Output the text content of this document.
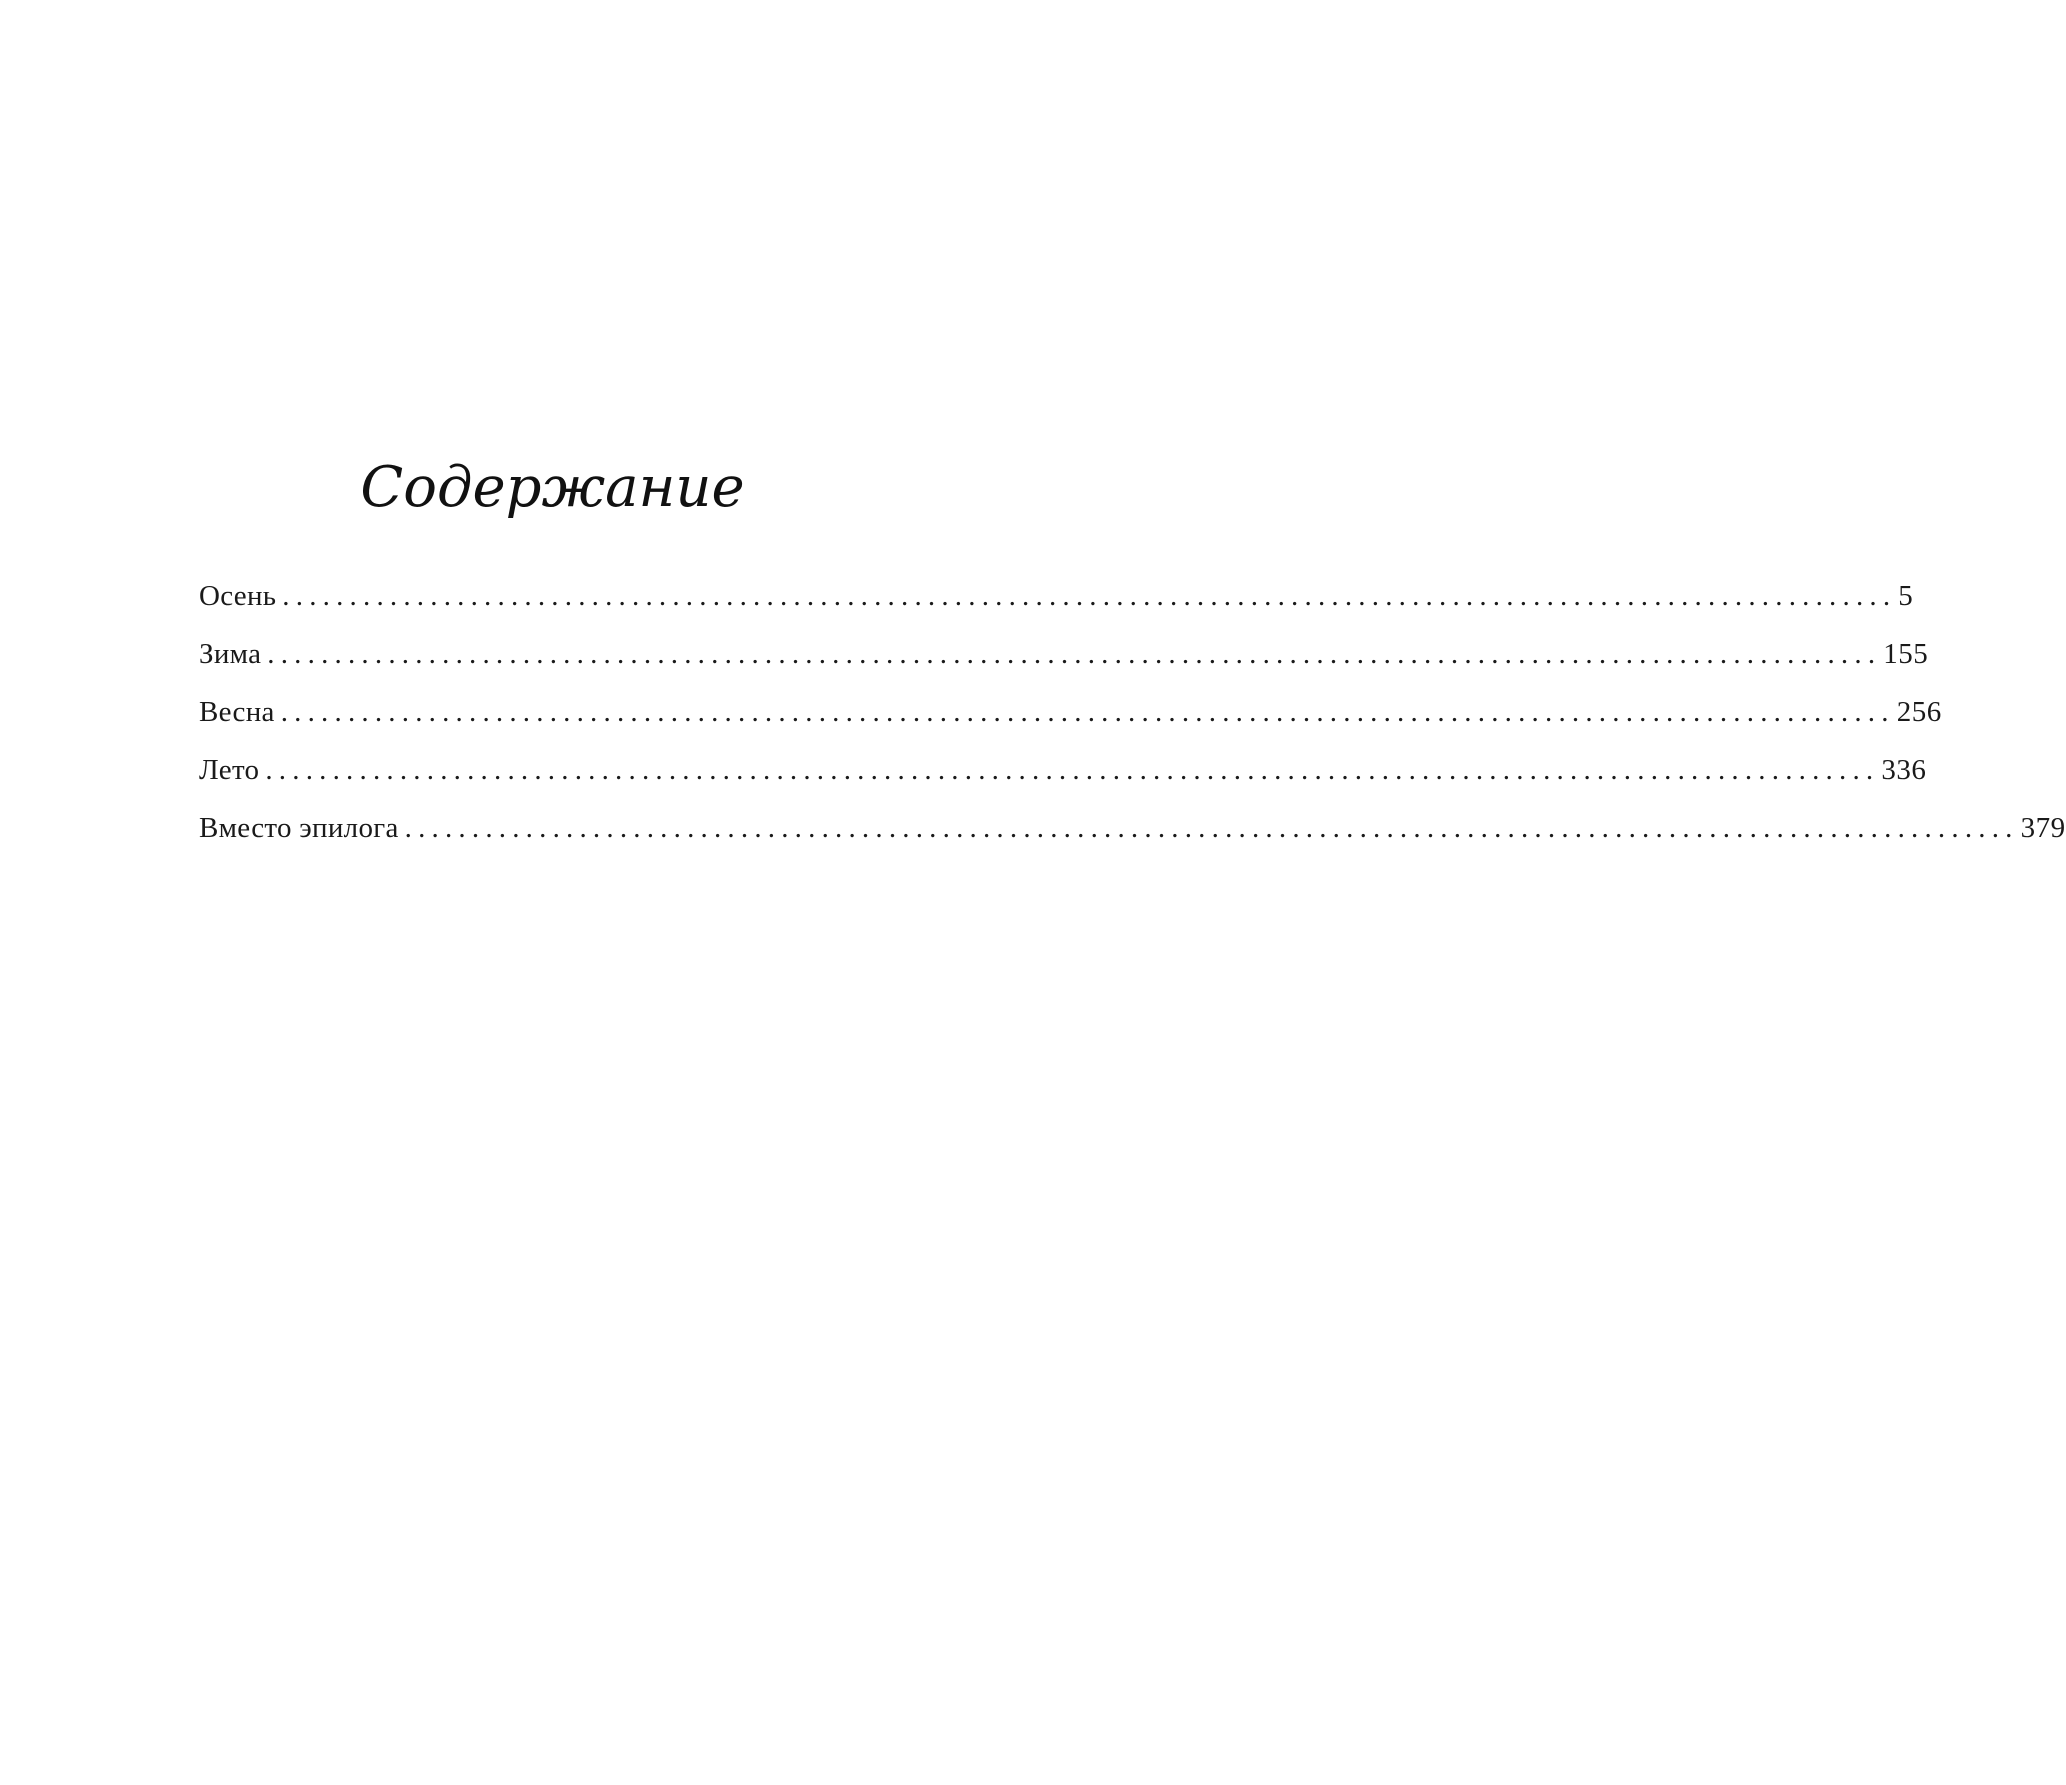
Содержание
Осень ........................................................................................................................ 5
Зима ........................................................................................................................ 155
Весна ........................................................................................................................ 256
Лето ........................................................................................................................ 336
Вместо эпилога ........................................................................................................................ 379
